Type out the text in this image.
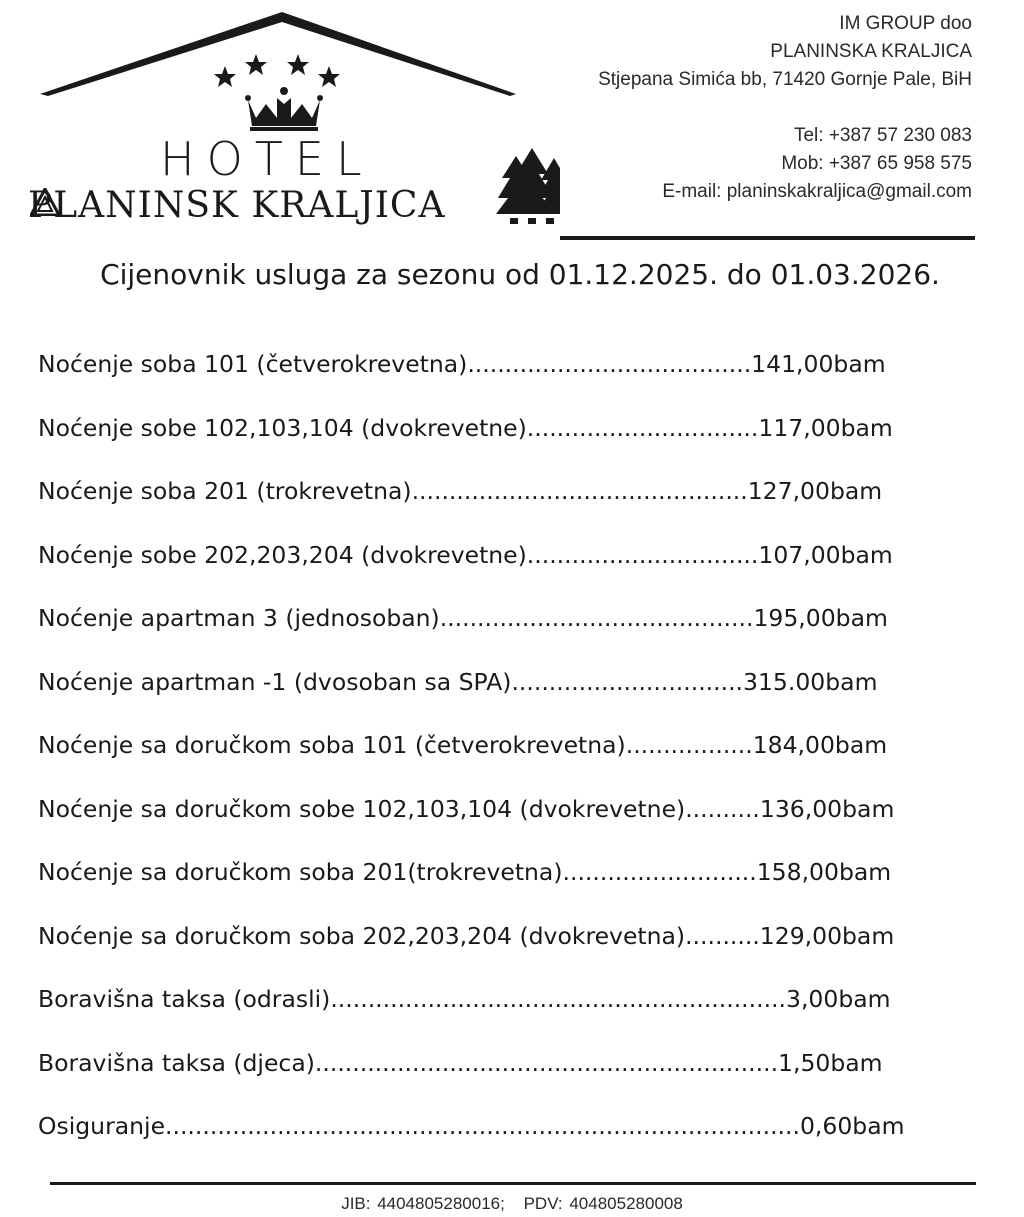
HOTEL
PLANINSK KRALJICA
IM GROUP doo
PLANINSKA KRALJICA
Stjepana Simića bb, 71420 Gornje Pale, BiH
Tel: +387 57 230 083
Mob: +387 65 958 575
E-mail: planinskakraljica@gmail.com
Cijenovnik usluga za sezonu od 01.12.2025. do 01.03.2026.
Noćenje soba 101 (četverokrevetna)......................................141,00bam
Noćenje sobe 102,103,104 (dvokrevetne)...............................117,00bam
Noćenje soba 201 (trokrevetna).............................................127,00bam
Noćenje sobe 202,203,204 (dvokrevetne)...............................107,00bam
Noćenje apartman 3 (jednosoban)..........................................195,00bam
Noćenje apartman -1 (dvosoban sa SPA)...............................315.00bam
Noćenje sa doručkom soba 101 (četverokrevetna).................184,00bam
Noćenje sa doručkom sobe 102,103,104 (dvokrevetne)..........136,00bam
Noćenje sa doručkom soba 201(trokrevetna)..........................158,00bam
Noćenje sa doručkom soba 202,203,204 (dvokrevetna)..........129,00bam
Boravišna taksa (odrasli).............................................................3,00bam
Boravišna taksa (djeca)..............................................................1,50bam
Osiguranje.....................................................................................0,60bam
JIB: 4404805280016; PDV: 404805280008
